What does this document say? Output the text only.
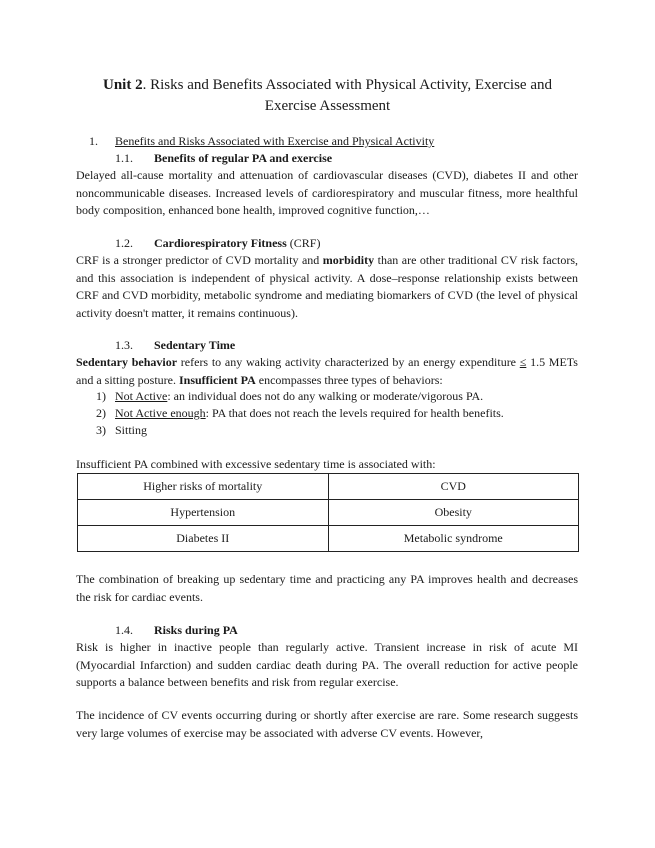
Unit 2. Risks and Benefits Associated with Physical Activity, Exercise and
Exercise Assessment
1. Benefits and Risks Associated with Exercise and Physical Activity
1.1. Benefits of regular PA and exercise
Delayed all-cause mortality and attenuation of cardiovascular diseases (CVD), diabetes II and other noncommunicable diseases. Increased levels of cardiorespiratory and muscular fitness, more healthful body composition, enhanced bone health, improved cognitive function,…
1.2. Cardiorespiratory Fitness (CRF)
CRF is a stronger predictor of CVD mortality and morbidity than are other traditional CV risk factors, and this association is independent of physical activity. A dose–response relationship exists between CRF and CVD morbidity, metabolic syndrome and mediating biomarkers of CVD (the level of physical activity doesn't matter, it remains continuous).
1.3. Sedentary Time
Sedentary behavior refers to any waking activity characterized by an energy expenditure ≤ 1.5 METs and a sitting posture. Insufficient PA encompasses three types of behaviors:
1) Not Active: an individual does not do any walking or moderate/vigorous PA.
2) Not Active enough: PA that does not reach the levels required for health benefits.
3) Sitting
Insufficient PA combined with excessive sedentary time is associated with:
Higher risks of mortality	CVD
Hypertension	Obesity
Diabetes II	Metabolic syndrome
The combination of breaking up sedentary time and practicing any PA improves health and decreases the risk for cardiac events.
1.4. Risks during PA
Risk is higher in inactive people than regularly active. Transient increase in risk of acute MI (Myocardial Infarction) and sudden cardiac death during PA. The overall reduction for active people supports a balance between benefits and risk from regular exercise.
The incidence of CV events occurring during or shortly after exercise are rare. Some research suggests very large volumes of exercise may be associated with adverse CV events. However,
